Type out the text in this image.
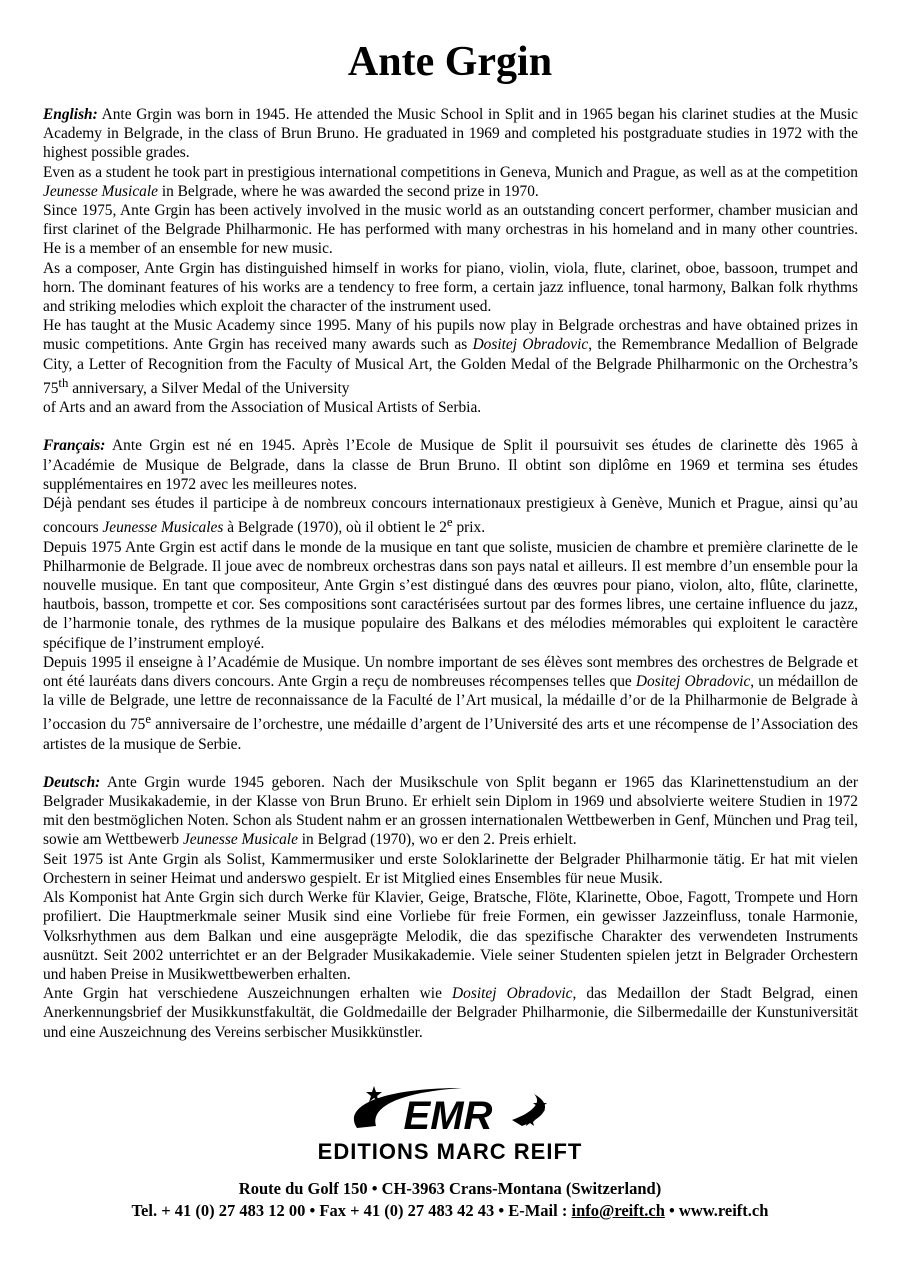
Ante Grgin

English: Ante Grgin was born in 1945. He attended the Music School in Split and in 1965 began his clarinet studies at the Music Academy in Belgrade, in the class of Brun Bruno. He graduated in 1969 and completed his postgraduate studies in 1972 with the highest possible grades.

Even as a student he took part in prestigious international competitions in Geneva, Munich and Prague, as well as at the competition Jeunesse Musicale in Belgrade, where he was awarded the second prize in 1970.

Since 1975, Ante Grgin has been actively involved in the music world as an outstanding concert performer, chamber musician and first clarinet of the Belgrade Philharmonic. He has performed with many orchestras in his homeland and in many other countries. He is a member of an ensemble for new music.

As a composer, Ante Grgin has distinguished himself in works for piano, violin, viola, flute, clarinet, oboe, bassoon, trumpet and horn. The dominant features of his works are a tendency to free form, a certain jazz influence, tonal harmony, Balkan folk rhythms and striking melodies which exploit the character of the instrument used.

He has taught at the Music Academy since 1995. Many of his pupils now play in Belgrade orchestras and have obtained prizes in music competitions. Ante Grgin has received many awards such as Dositej Obradovic, the Remembrance Medallion of Belgrade City, a Letter of Recognition from the Faculty of Musical Art, the Golden Medal of the Belgrade Philharmonic on the Orchestra’s 75th anniversary, a Silver Medal of the University

of Arts and an award from the Association of Musical Artists of Serbia.

Français: Ante Grgin est né en 1945. Après l’Ecole de Musique de Split il poursuivit ses études de clarinette dès 1965 à l’Académie de Musique de Belgrade, dans la classe de Brun Bruno. Il obtint son diplôme en 1969 et termina ses études supplémentaires en 1972 avec les meilleures notes.

Déjà pendant ses études il participe à de nombreux concours internationaux prestigieux à Genève, Munich et Prague, ainsi qu’au concours Jeunesse Musicales à Belgrade (1970), où il obtient le 2e prix.

Depuis 1975 Ante Grgin est actif dans le monde de la musique en tant que soliste, musicien de chambre et première clarinette de le Philharmonie de Belgrade. Il joue avec de nombreux orchestras dans son pays natal et ailleurs. Il est membre d’un ensemble pour la nouvelle musique. En tant que compositeur, Ante Grgin s’est distingué dans des œuvres pour piano, violon, alto, flûte, clarinette, hautbois, basson, trompette et cor. Ses compositions sont caractérisées surtout par des formes libres, une certaine influence du jazz, de l’harmonie tonale, des rythmes de la musique populaire des Balkans et des mélodies mémorables qui exploitent le caractère spécifique de l’instrument employé.

Depuis 1995 il enseigne à l’Académie de Musique. Un nombre important de ses élèves sont membres des orchestres de Belgrade et ont été lauréats dans divers concours. Ante Grgin a reçu de nombreuses récompenses telles que Dositej Obradovic, un médaillon de la ville de Belgrade, une lettre de reconnaissance de la Faculté de l’Art musical, la médaille d’or de la Philharmonie de Belgrade à l’occasion du 75e anniversaire de l’orchestre, une médaille d’argent de l’Université des arts et une récompense de l’Association des artistes de la musique de Serbie.

Deutsch: Ante Grgin wurde 1945 geboren. Nach der Musikschule von Split begann er 1965 das Klarinettenstudium an der Belgrader Musikakademie, in der Klasse von Brun Bruno. Er erhielt sein Diplom in 1969 und absolvierte weitere Studien in 1972 mit den bestmöglichen Noten. Schon als Student nahm er an grossen internationalen Wettbewerben in Genf, München und Prag teil, sowie am Wettbewerb Jeunesse Musicale in Belgrad (1970), wo er den 2. Preis erhielt.

Seit 1975 ist Ante Grgin als Solist, Kammermusiker und erste Soloklarinette der Belgrader Philharmonie tätig. Er hat mit vielen Orchestern in seiner Heimat und anderswo gespielt. Er ist Mitglied eines Ensembles für neue Musik.

Als Komponist hat Ante Grgin sich durch Werke für Klavier, Geige, Bratsche, Flöte, Klarinette, Oboe, Fagott, Trompete und Horn profiliert. Die Hauptmerkmale seiner Musik sind eine Vorliebe für freie Formen, ein gewisser Jazzeinfluss, tonale Harmonie, Volksrhythmen aus dem Balkan und eine ausgeprägte Melodik, die das spezifische Charakter des verwendeten Instruments ausnützt. Seit 2002 unterrichtet er an der Belgrader Musikakademie. Viele seiner Studenten spielen jetzt in Belgrader Orchestern und haben Preise in Musikwettbewerben erhalten.

Ante Grgin hat verschiedene Auszeichnungen erhalten wie Dositej Obradovic, das Medaillon der Stadt Belgrad, einen Anerkennungsbrief der Musikkunstfakultät, die Goldmedaille der Belgrader Philharmonie, die Silbermedaille der Kunstuniversität und eine Auszeichnung des Vereins serbischer Musikkünstler.

EMR
EDITIONS MARC REIFT
Route du Golf 150 • CH-3963 Crans-Montana (Switzerland)
Tel. + 41 (0) 27 483 12 00 • Fax + 41 (0) 27 483 42 43 • E-Mail : info@reift.ch • www.reift.ch
